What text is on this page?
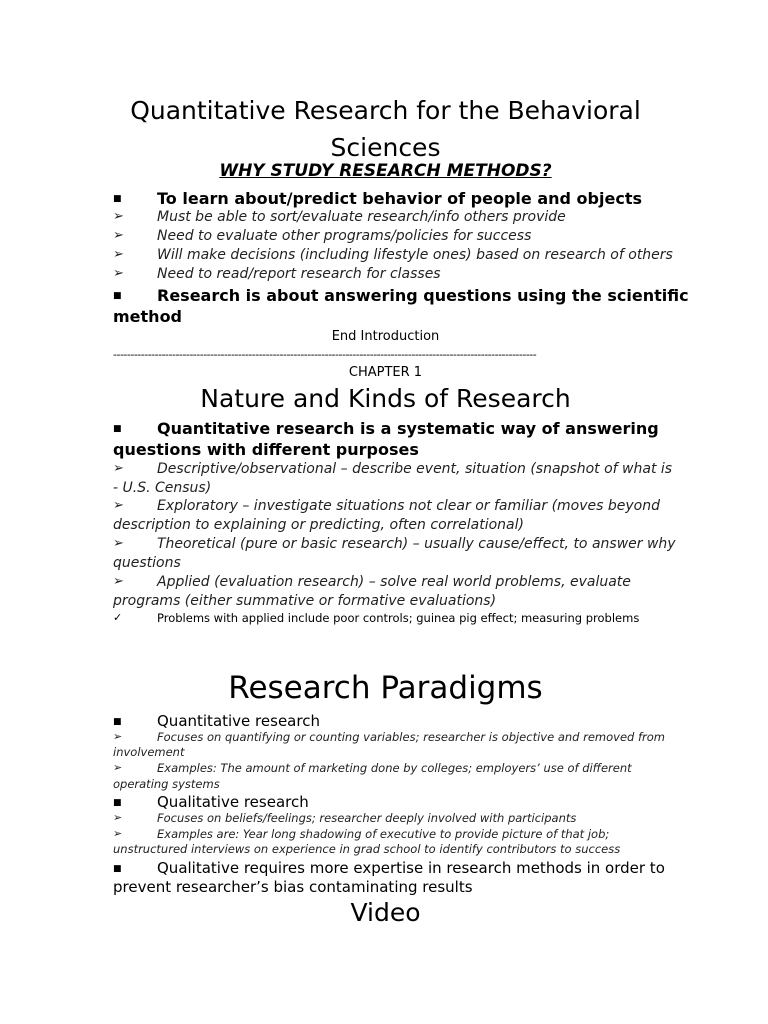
Quantitative Research for the Behavioral
Sciences
WHY STUDY RESEARCH METHODS?
■ To learn about/predict behavior of people and objects
➢ Must be able to sort/evaluate research/info others provide
➢ Need to evaluate other programs/policies for success
➢ Will make decisions (including lifestyle ones) based on research of others
➢ Need to read/report research for classes
■ Research is about answering questions using the scientific
method
End Introduction
--------------------------------------------------------------------------------------------------------------------------
CHAPTER 1
Nature and Kinds of Research
■ Quantitative research is a systematic way of answering
questions with different purposes
➢ Descriptive/observational – describe event, situation (snapshot of what is
- U.S. Census)
➢ Exploratory – investigate situations not clear or familiar (moves beyond
description to explaining or predicting, often correlational)
➢ Theoretical (pure or basic research) – usually cause/effect, to answer why
questions
➢ Applied (evaluation research) – solve real world problems, evaluate
programs (either summative or formative evaluations)
✓	Problems with applied include poor controls; guinea pig effect; measuring problems
Research Paradigms
■ Quantitative research
➢	Focuses on quantifying or counting variables; researcher is objective and removed from
involvement
➢	Examples: The amount of marketing done by colleges; employers’ use of different
operating systems
■ Qualitative research
➢	Focuses on beliefs/feelings; researcher deeply involved with participants
➢	Examples are: Year long shadowing of executive to provide picture of that job;
unstructured interviews on experience in grad school to identify contributors to success
■ Qualitative requires more expertise in research methods in order to
prevent researcher’s bias contaminating results
Video
